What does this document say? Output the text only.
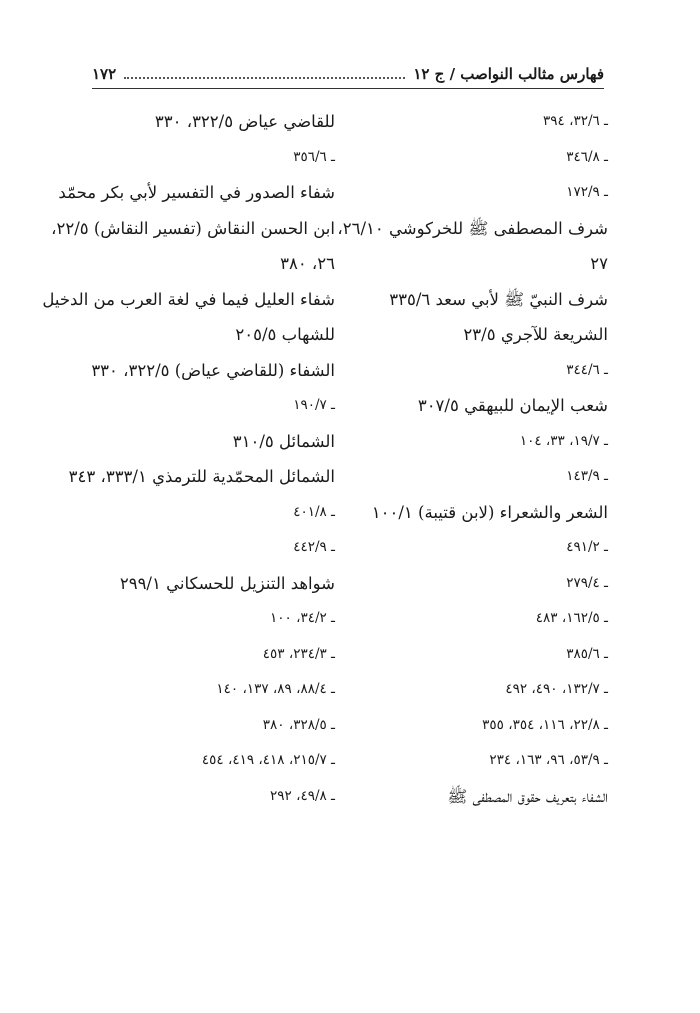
١٧٢	فهارس مثالب النواصب / ج ١٢
ـ ٣٢/٦، ٣٩٤
ـ ٣٤٦/٨
ـ ١٧٢/٩
شرف المصطفى ﷺ للخركوشي ٢٦/١٠،
٢٧
شرف النبيّ ﷺ لأبي سعد ٣٣٥/٦
الشريعة للآجري ٢٣/٥
ـ ٣٤٤/٦
شعب الإيمان للبيهقي ٣٠٧/٥
ـ ١٩/٧، ٣٣، ١٠٤
ـ ١٤٣/٩
الشعر والشعراء (لابن قتيبة) ١٠٠/١
ـ ٤٩١/٢
ـ ٢٧٩/٤
ـ ١٦٢/٥، ٤٨٣
ـ ٣٨٥/٦
ـ ١٣٢/٧، ٤٩٠، ٤٩٢
ـ ٢٢/٨، ١١٦، ٣٥٤، ٣٥٥
ـ ٥٣/٩، ٩٦، ١٦٣، ٢٣٤
الشفاء بتعريف حقوق المصطفى ﷺ
للقاضي عياض ٣٢٢/٥، ٣٣٠
ـ ٣٥٦/٦
شفاء الصدور في التفسير لأبي بكر محمّد
ابن الحسن النقاش (تفسير النقاش) ٢٢/٥،
٢٦، ٣٨٠
شفاء العليل فيما في لغة العرب من الدخيل
للشهاب ٢٠٥/٥
الشفاء (للقاضي عياض) ٣٢٢/٥، ٣٣٠
ـ ١٩٠/٧
الشمائل ٣١٠/٥
الشمائل المحمّدية للترمذي ٣٣٣/١، ٣٤٣
ـ ٤٠١/٨
ـ ٤٤٢/٩
شواهد التنزيل للحسكاني ٢٩٩/١
ـ ٣٤/٢، ١٠٠
ـ ٢٣٤/٣، ٤٥٣
ـ ٨٨/٤، ٨٩، ١٣٧، ١٤٠
ـ ٣٢٨/٥، ٣٨٠
ـ ٢١٥/٧، ٤١٨، ٤١٩، ٤٥٤
ـ ٤٩/٨، ٢٩٢
